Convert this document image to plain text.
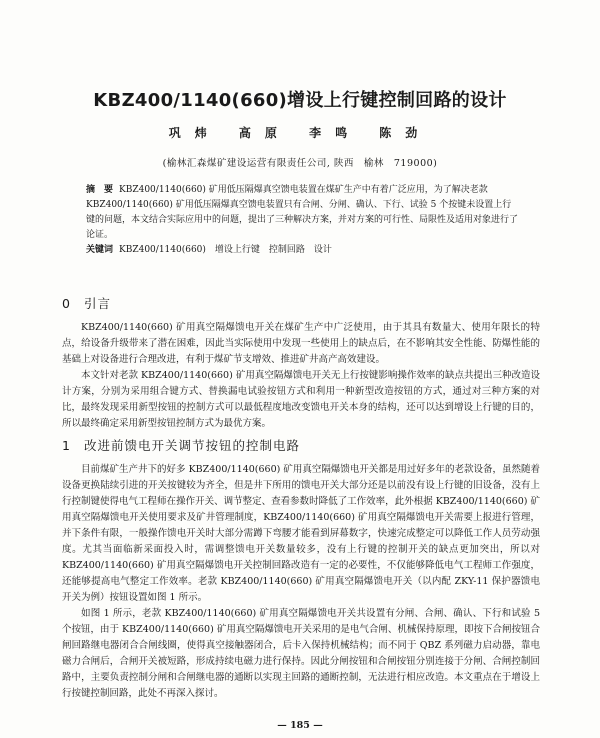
KBZ400/1140(660)增设上行键控制回路的设计
巩炜 高原 李鸣 陈劲
(榆林汇森煤矿建设运营有限责任公司, 陕西　榆林　719000)
摘　要 KBZ400/1140(660) 矿用低压隔爆真空馈电装置在煤矿生产中有着广泛应用，为了解决老款 KBZ400/1140(660) 矿用低压隔爆真空馈电装置只有合闸、分闸、确认、下行、试验 5 个按键未设置上行键的问题，本文结合实际应用中的问题，提出了三种解决方案，并对方案的可行性、局限性及适用对象进行了论证。
关键词 KBZ400/1140(660)　增设上行键　控制回路　设计
0 引言

KBZ400/1140(660) 矿用真空隔爆馈电开关在煤矿生产中广泛使用，由于其具有数量大、使用年限长的特点，给设备升级带来了潜在困难，因此当实际使用中发现一些使用上的缺点后，在不影响其安全性能、防爆性能的基础上对设备进行合理改进，有利于煤矿节支增效、推进矿井高产高效建设。

本文针对老款 KBZ400/1140(660) 矿用真空隔爆馈电开关无上行按键影响操作效率的缺点共提出三种改造设计方案，分别为采用组合键方式、替换漏电试验按钮方式和利用一种新型改造按钮的方式，通过对三种方案的对比，最终发现采用新型按钮的控制方式可以最低程度地改变馈电开关本身的结构，还可以达到增设上行键的目的，所以最终确定采用新型按钮控制方式为最优方案。

1 改进前馈电开关调节按钮的控制电路

目前煤矿生产井下的好多 KBZ400/1140(660) 矿用真空隔爆馈电开关都是用过好多年的老款设备，虽然随着设备更换陆续引进的开关按键较为齐全，但是井下所用的馈电开关大部分还是以前没有设上行键的旧设备，没有上行控制键使得电气工程师在操作开关、调节整定、查看参数时降低了工作效率，此外根据 KBZ400/1140(660) 矿用真空隔爆馈电开关使用要求及矿井管理制度，KBZ400/1140(660) 矿用真空隔爆馈电开关需要上报进行管理，并下条件有限，一般操作馈电开关时大部分需蹲下弯腰才能看到屏幕数字，快速完成整定可以降低工作人员劳动强度。尤其当面临新采面投入时，需调整馈电开关数量较多，没有上行键的控制开关的缺点更加突出，所以对 KBZ400/1140(660) 矿用真空隔爆馈电开关控制回路改造有一定的必要性，不仅能够降低电气工程师工作强度，还能够提高电气整定工作效率。老款 KBZ400/1140(660) 矿用真空隔爆馈电开关（以内配 ZKY-11 保护器馈电开关为例）按钮设置如图 1 所示。

如图 1 所示，老款 KBZ400/1140(660) 矿用真空隔爆馈电开关共设置有分闸、合闸、确认、下行和试验 5 个按钮，由于 KBZ400/1140(660) 矿用真空隔爆馈电开关采用的是电气合闸、机械保持原理，即按下合闸按钮合闸回路继电器闭合合闸线圈，使得真空接触器闭合，后卡入保持机械结构；而不同于 QBZ 系列磁力启动器，靠电磁力合闸后，合闸开关被短路，形成持续电磁力进行保持。因此分闸按钮和合闸按钮分别连接于分闸、合闸控制回路中，主要负责控制分闸和合闸继电器的通断以实现主回路的通断控制，无法进行相应改造。本文重点在于增设上行按键控制回路，此处不再深入探讨。

— 185 —
